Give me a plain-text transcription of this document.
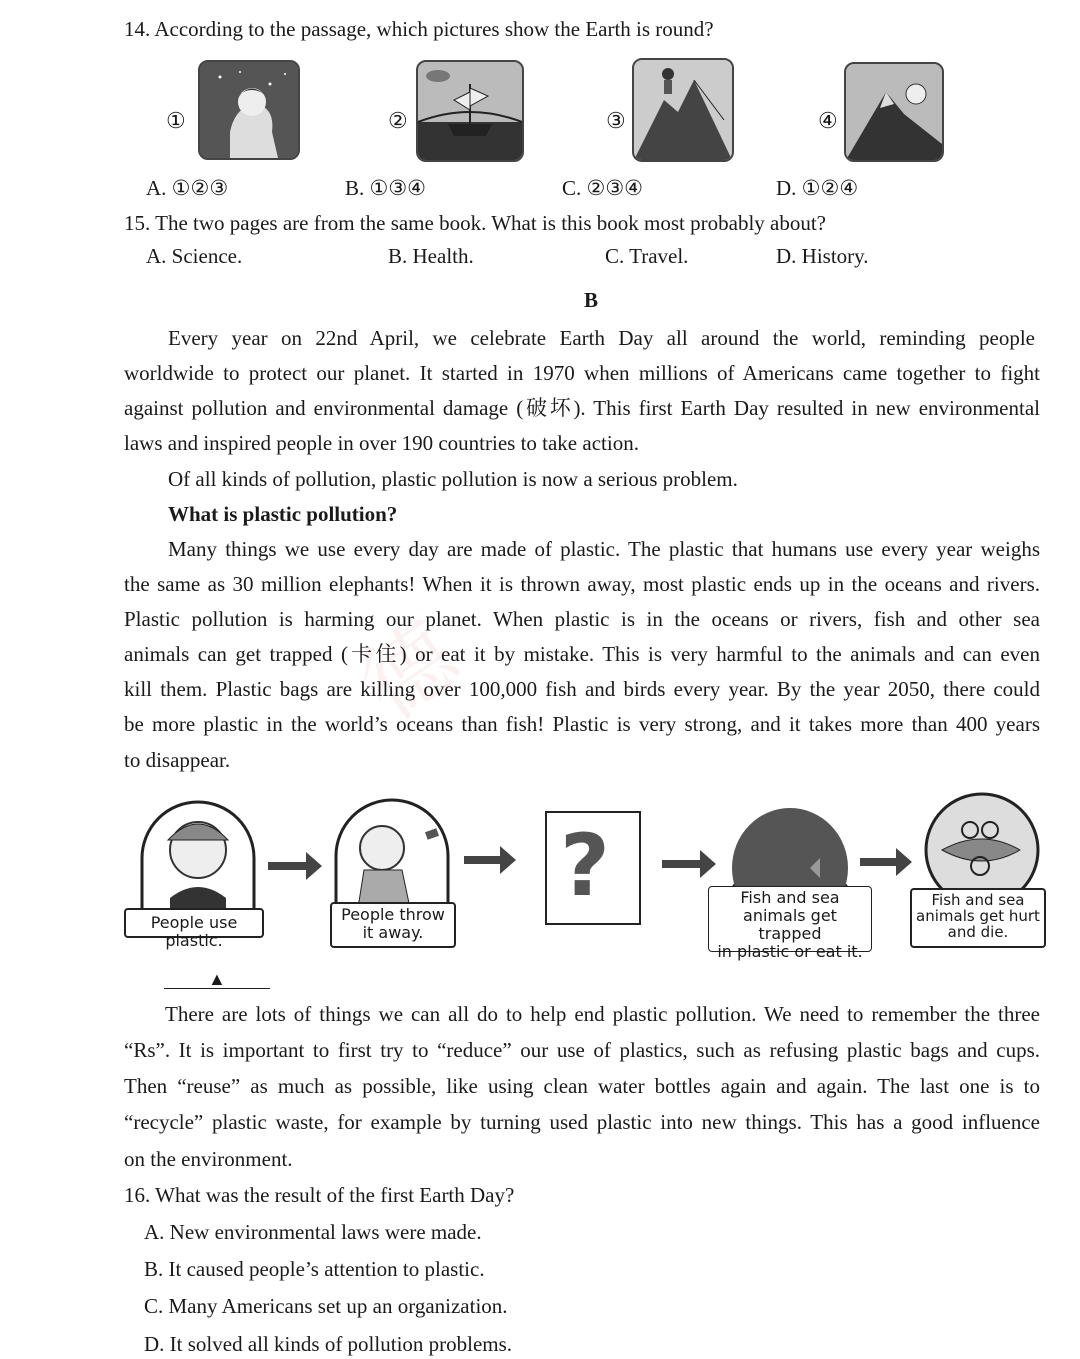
德
14. According to the passage, which pictures show the Earth is round?
①	②	③	④
A. ①②③	B. ①③④	C. ②③④	D. ①②④
15. The two pages are from the same book. What is this book most probably about?
A. Science.	B. Health.	C. Travel.	D. History.
B
Every year on 22nd April, we celebrate Earth Day all around the world, reminding people
worldwide to protect our planet. It started in 1970 when millions of Americans came together to fight
against pollution and environmental damage (破坏). This first Earth Day resulted in new environmental
laws and inspired people in over 190 countries to take action.
Of all kinds of pollution, plastic pollution is now a serious problem.
What is plastic pollution?
Many things we use every day are made of plastic. The plastic that humans use every year weighs
the same as 30 million elephants! When it is thrown away, most plastic ends up in the oceans and rivers.
Plastic pollution is harming our planet. When plastic is in the oceans or rivers, fish and other sea
animals can get trapped (卡住) or eat it by mistake. This is very harmful to the animals and can even
kill them. Plastic bags are killing over 100,000 fish and birds every year. By the year 2050, there could
be more plastic in the world’s oceans than fish! Plastic is very strong, and it takes more than 400 years
to disappear.
?
People use plastic.
People throw
it away.
Fish and sea
animals get trapped
in plastic or eat it.
Fish and sea
animals get hurt
and die.
▲
There are lots of things we can all do to help end plastic pollution. We need to remember the three
“Rs”. It is important to first try to “reduce” our use of plastics, such as refusing plastic bags and cups.
Then “reuse” as much as possible, like using clean water bottles again and again. The last one is to
“recycle” plastic waste, for example by turning used plastic into new things. This has a good influence
on the environment.
16. What was the result of the first Earth Day?
A. New environmental laws were made.
B. It caused people’s attention to plastic.
C. Many Americans set up an organization.
D. It solved all kinds of pollution problems.
